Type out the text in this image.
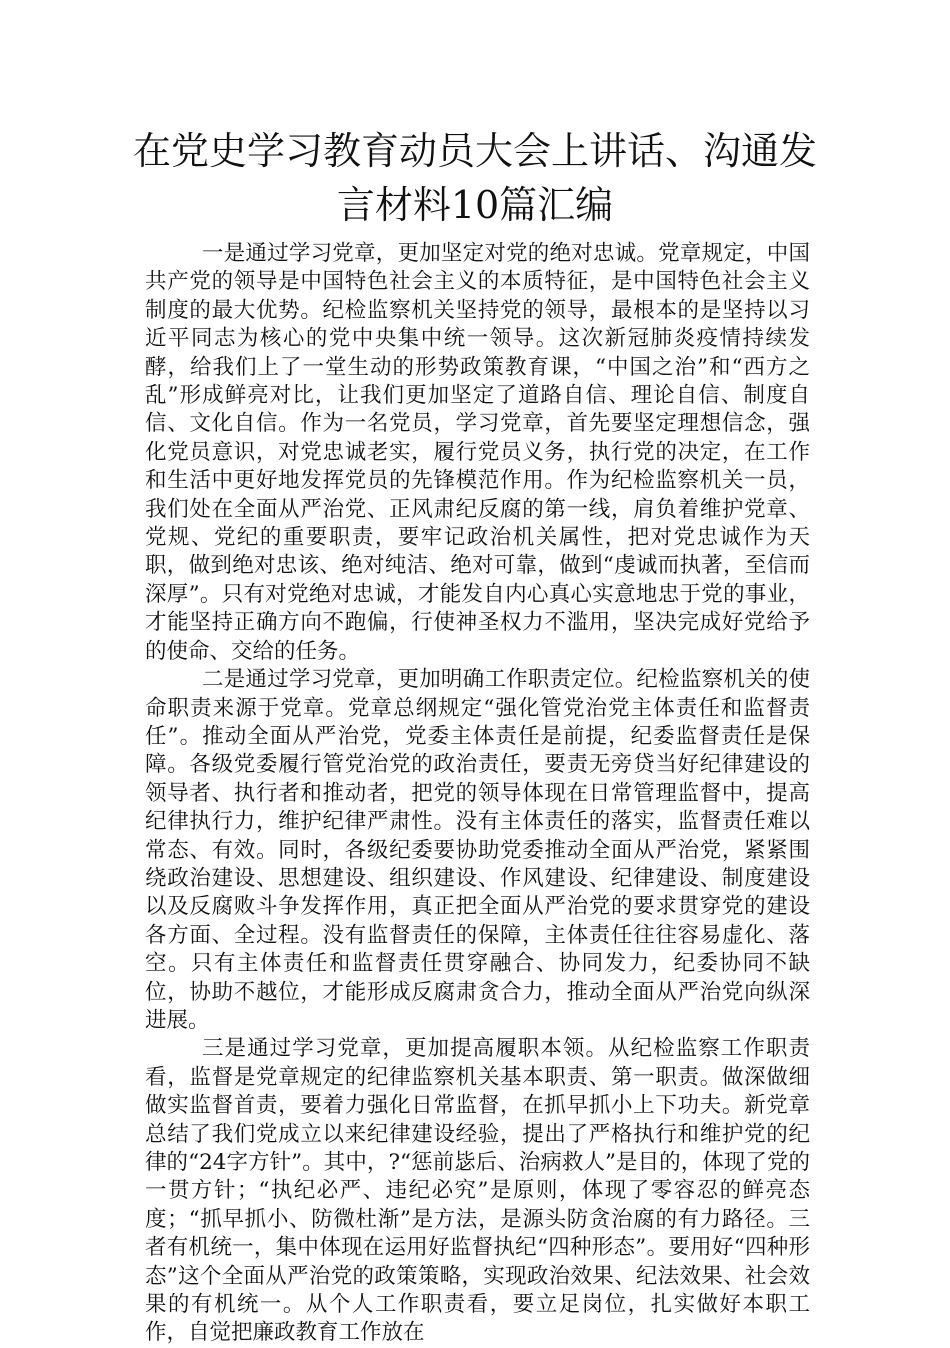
在党史学习教育动员大会上讲话、沟通发言材料10篇汇编

一是通过学习党章，更加坚定对党的绝对忠诚。党章规定，中国共产党的领导是中国特色社会主义的本质特征，是中国特色社会主义制度的最大优势。纪检监察机关坚持党的领导，最根本的是坚持以习近平同志为核心的党中央集中统一领导。这次新冠肺炎疫情持续发酵，给我们上了一堂生动的形势政策教育课，“中国之治”和“西方之乱”形成鲜亮对比，让我们更加坚定了道路自信、理论自信、制度自信、文化自信。作为一名党员，学习党章，首先要坚定理想信念，强化党员意识，对党忠诚老实，履行党员义务，执行党的决定，在工作和生活中更好地发挥党员的先锋模范作用。作为纪检监察机关一员，我们处在全面从严治党、正风肃纪反腐的第一线，肩负着维护党章、党规、党纪的重要职责，要牢记政治机关属性，把对党忠诚作为天职，做到绝对忠该、绝对纯洁、绝对可靠，做到“虔诚而执著，至信而深厚”。只有对党绝对忠诚，才能发自内心真心实意地忠于党的事业，才能坚持正确方向不跑偏，行使神圣权力不滥用，坚决完成好党给予的使命、交给的任务。

二是通过学习党章，更加明确工作职责定位。纪检监察机关的使命职责来源于党章。党章总纲规定“强化管党治党主体责任和监督责任”。推动全面从严治党，党委主体责任是前提，纪委监督责任是保障。各级党委履行管党治党的政治责任，要责无旁贷当好纪律建设的领导者、执行者和推动者，把党的领导体现在日常管理监督中，提高纪律执行力，维护纪律严肃性。没有主体责任的落实，监督责任难以常态、有效。同时，各级纪委要协助党委推动全面从严治党，紧紧围绕政治建设、思想建设、组织建设、作风建设、纪律建设、制度建设以及反腐败斗争发挥作用，真正把全面从严治党的要求贯穿党的建设各方面、全过程。没有监督责任的保障，主体责任往往容易虚化、落空。只有主体责任和监督责任贯穿融合、协同发力，纪委协同不缺位，协助不越位，才能形成反腐肃贪合力，推动全面从严治党向纵深进展。

三是通过学习党章，更加提高履职本领。从纪检监察工作职责看，监督是党章规定的纪律监察机关基本职责、第一职责。做深做细做实监督首责，要着力强化日常监督，在抓早抓小上下功夫。新党章总结了我们党成立以来纪律建设经验，提出了严格执行和维护党的纪律的“24字方针”。其中，?“惩前毖后、治病救人”是目的，体现了党的一贯方针；“执纪必严、违纪必究”是原则，体现了零容忍的鲜亮态度；“抓早抓小、防微杜渐”是方法，是源头防贪治腐的有力路径。三者有机统一，集中体现在运用好监督执纪“四种形态”。要用好“四种形态”这个全面从严治党的政策策略，实现政治效果、纪法效果、社会效果的有机统一。从个人工作职责看，要立足岗位，扎实做好本职工作，自觉把廉政教育工作放在
